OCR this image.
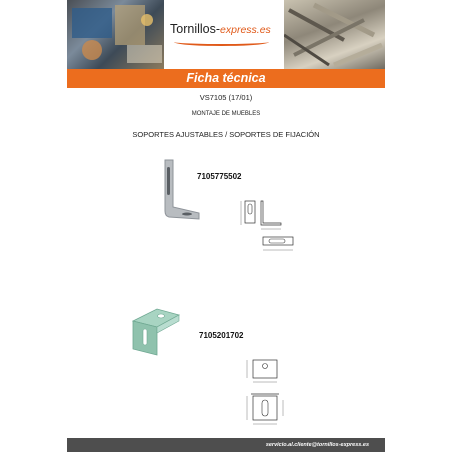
Tornillos-express.es
Ficha técnica
VS7105 (17/01)
MONTAJE DE MUEBLES
SOPORTES AJUSTABLES / SOPORTES DE FIJACIÓN
7105775502
7105201702
servicio.al.cliente@tornillos-express.es
